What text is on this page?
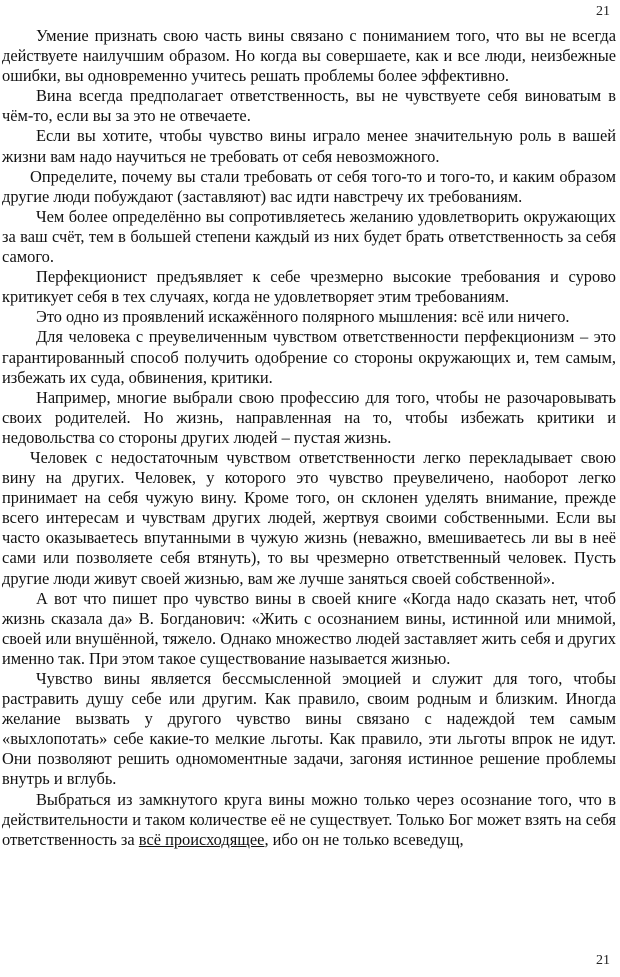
21

Умение признать свою часть вины связано с пониманием того, что вы не всегда действуете наилучшим образом. Но когда вы совершаете, как и все люди, неизбежные ошибки, вы одновременно учитесь решать проблемы более эффективно.

Вина всегда предполагает ответственность, вы не чувствуете себя виноватым в чём-то, если вы за это не отвечаете.

Если вы хотите, чтобы чувство вины играло менее значительную роль в вашей жизни вам надо научиться не требовать от себя невозможного.

Определите, почему вы стали требовать от себя того-то и того-то, и каким образом другие люди побуждают (заставляют) вас идти навстречу их требованиям.

Чем более определённо вы сопротивляетесь желанию удовлетворить окружающих за ваш счёт, тем в большей степени каждый из них будет брать ответственность за себя самого.

Перфекционист предъявляет к себе чрезмерно высокие требования и сурово критикует себя в тех случаях, когда не удовлетворяет этим требованиям.

Это одно из проявлений искажённого полярного мышления: всё или ничего.

Для человека с преувеличенным чувством ответственности перфекционизм – это гарантированный способ получить одобрение со стороны окружающих и, тем самым, избежать их суда, обвинения, критики.

Например, многие выбрали свою профессию для того, чтобы не разочаровывать своих родителей. Но жизнь, направленная на то, чтобы избежать критики и недовольства со стороны других людей – пустая жизнь.

Человек с недостаточным чувством ответственности легко перекладывает свою вину на других. Человек, у которого это чувство преувеличено, наоборот легко принимает на себя чужую вину. Кроме того, он склонен уделять внимание, прежде всего интересам и чувствам других людей, жертвуя своими собственными. Если вы часто оказываетесь впутанными в чужую жизнь (неважно, вмешиваетесь ли вы в неё сами или позволяете себя втянуть), то вы чрезмерно ответственный человек. Пусть другие люди живут своей жизнью, вам же лучше заняться своей собственной».

А вот что пишет про чувство вины в своей книге «Когда надо сказать нет, чтоб жизнь сказала да» В. Богданович: «Жить с осознанием вины, истинной или мнимой, своей или внушённой, тяжело. Однако множество людей заставляет жить себя и других именно так. При этом такое существование называется жизнью.

Чувство вины является бессмысленной эмоцией и служит для того, чтобы растравить душу себе или другим. Как правило, своим родным и близким. Иногда желание вызвать у другого чувство вины связано с надеждой тем самым «выхлопотать» себе какие-то мелкие льготы. Как правило, эти льготы впрок не идут. Они позволяют решить одномоментные задачи, загоняя истинное решение проблемы внутрь и вглубь.

Выбраться из замкнутого круга вины можно только через осознание того, что в действительности и таком количестве её не существует. Только Бог может взять на себя ответственность за всё происходящее, ибо он не только всеведущ,

21
